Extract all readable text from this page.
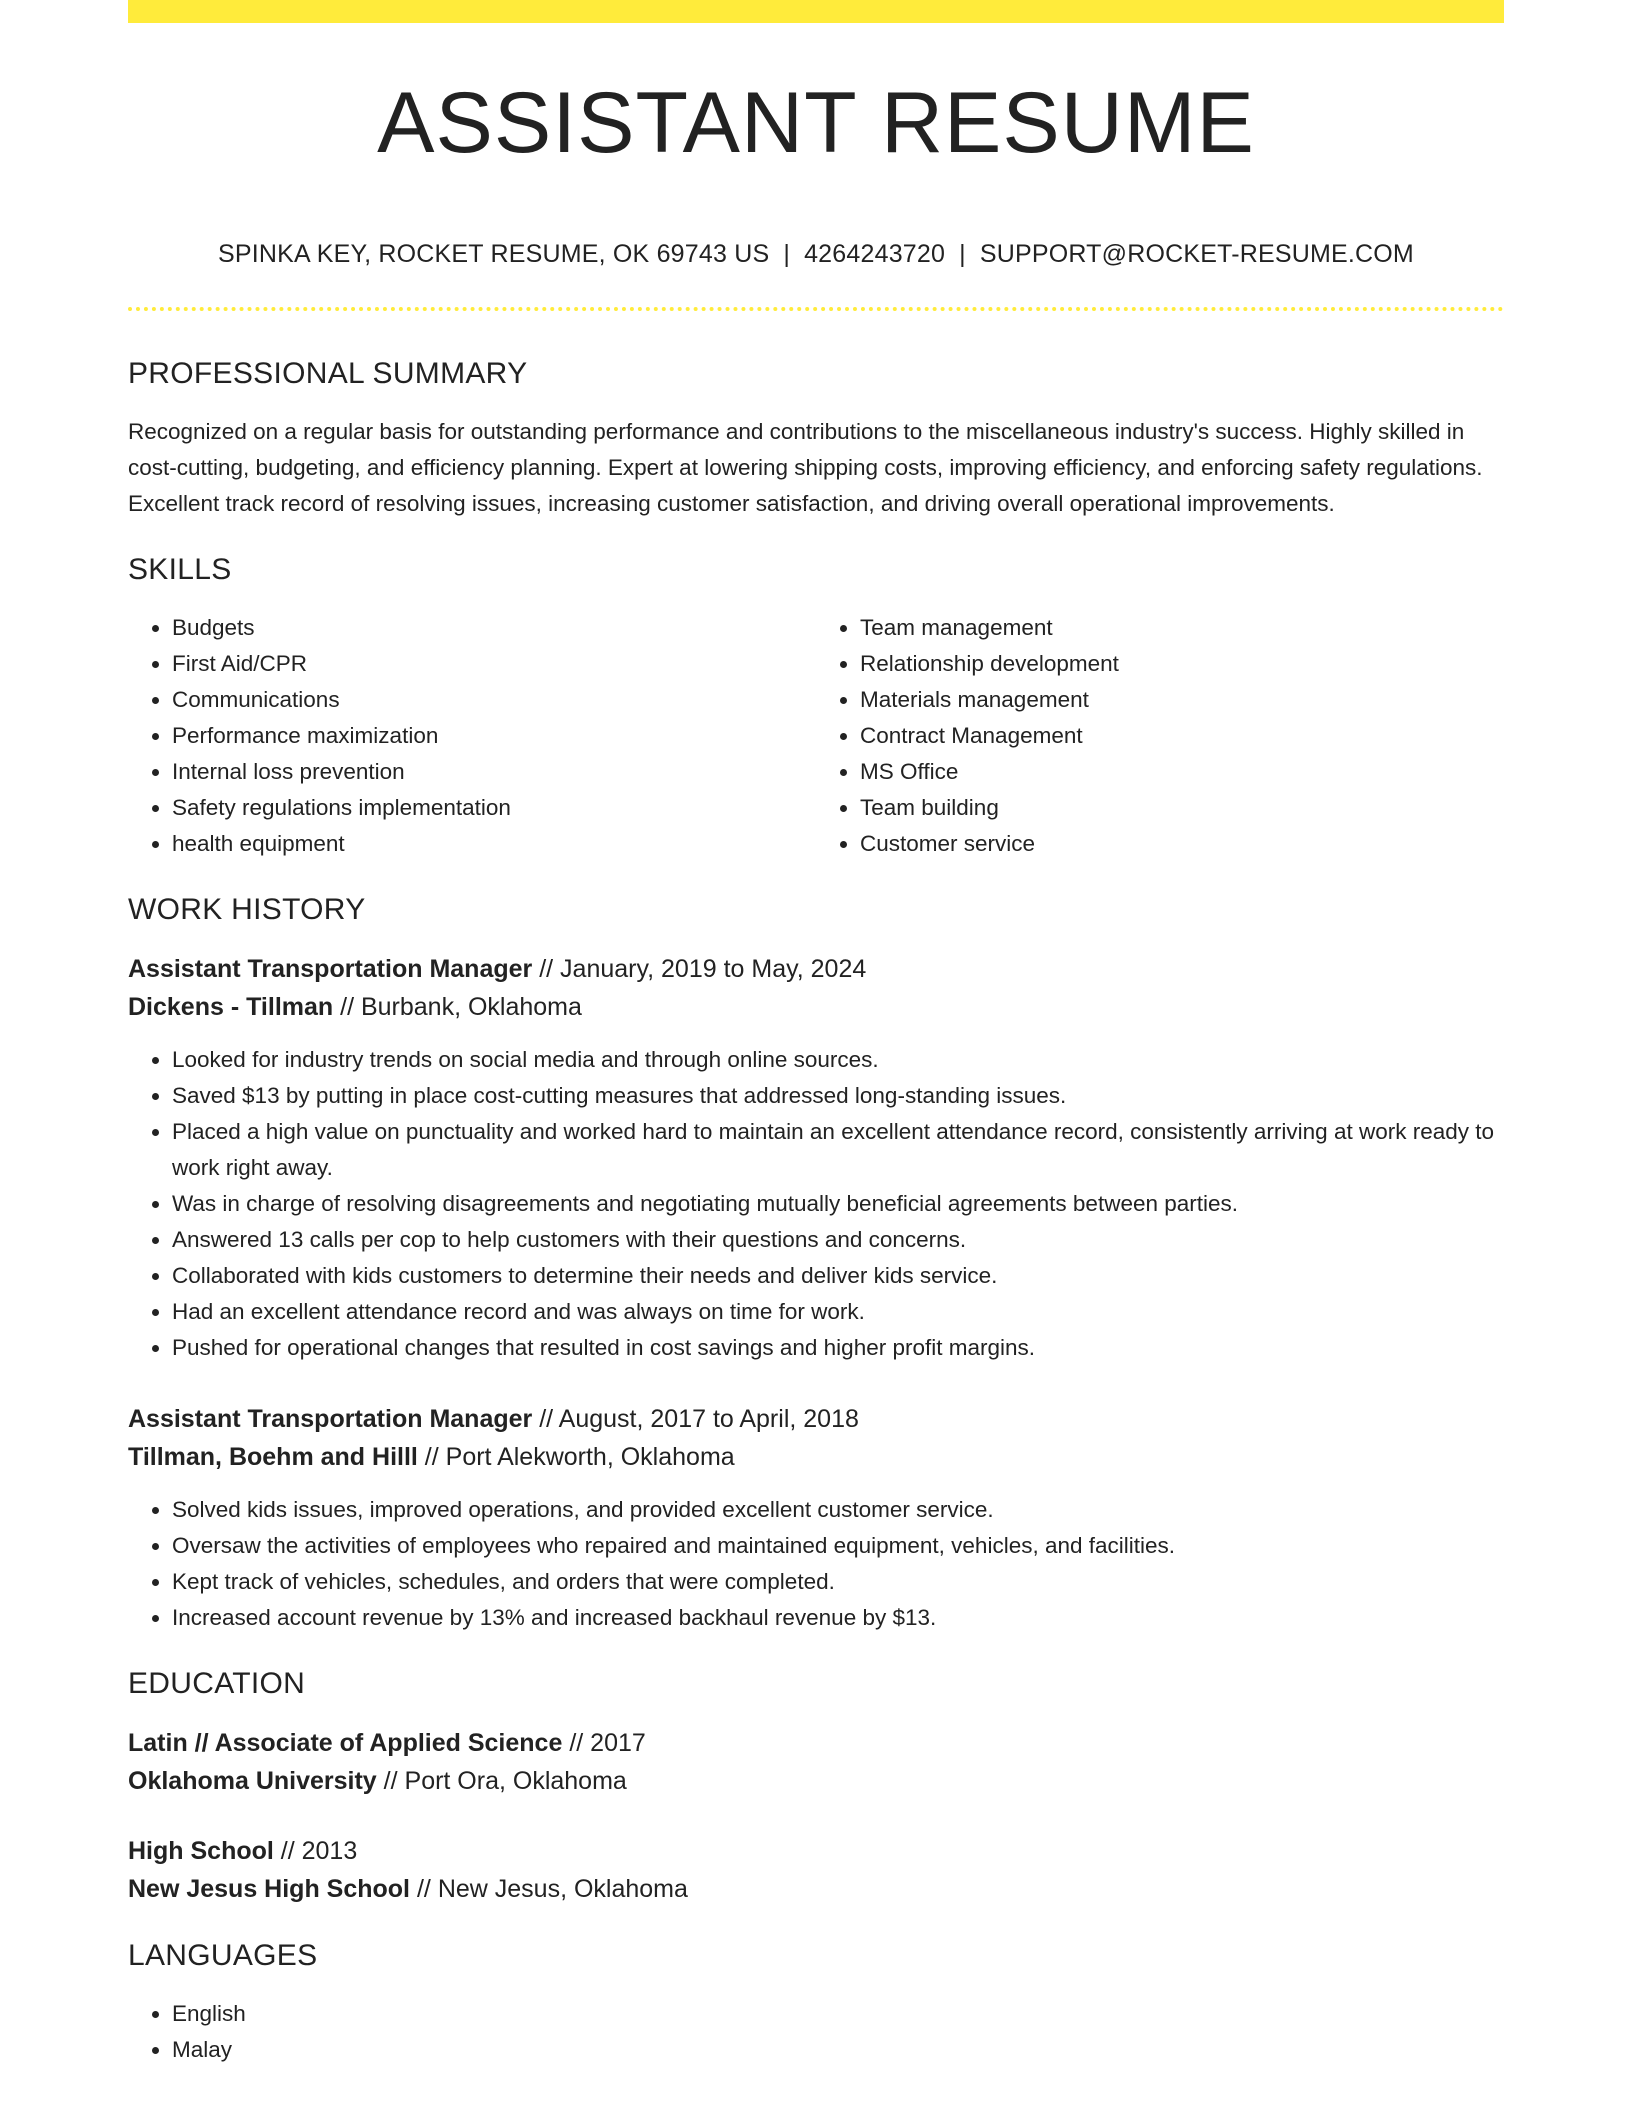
ASSISTANT RESUME
SPINKA KEY, ROCKET RESUME, OK 69743 US | 4264243720 | SUPPORT@ROCKET-RESUME.COM
PROFESSIONAL SUMMARY

Recognized on a regular basis for outstanding performance and contributions to the miscellaneous industry's success. Highly skilled in cost-cutting, budgeting, and efficiency planning. Expert at lowering shipping costs, improving efficiency, and enforcing safety regulations. Excellent track record of resolving issues, increasing customer satisfaction, and driving overall operational improvements.

SKILLS
• Budgets
• First Aid/CPR
• Communications
• Performance maximization
• Internal loss prevention
• Safety regulations implementation
• health equipment
• Team management
• Relationship development
• Materials management
• Contract Management
• MS Office
• Team building
• Customer service
WORK HISTORY
Assistant Transportation Manager // January, 2019 to May, 2024
Dickens - Tillman // Burbank, Oklahoma
• Looked for industry trends on social media and through online sources.
• Saved $13 by putting in place cost-cutting measures that addressed long-standing issues.
• Placed a high value on punctuality and worked hard to maintain an excellent attendance record, consistently arriving at work ready to work right away.
• Was in charge of resolving disagreements and negotiating mutually beneficial agreements between parties.
• Answered 13 calls per cop to help customers with their questions and concerns.
• Collaborated with kids customers to determine their needs and deliver kids service.
• Had an excellent attendance record and was always on time for work.
• Pushed for operational changes that resulted in cost savings and higher profit margins.
Assistant Transportation Manager // August, 2017 to April, 2018
Tillman, Boehm and Hilll // Port Alekworth, Oklahoma
• Solved kids issues, improved operations, and provided excellent customer service.
• Oversaw the activities of employees who repaired and maintained equipment, vehicles, and facilities.
• Kept track of vehicles, schedules, and orders that were completed.
• Increased account revenue by 13% and increased backhaul revenue by $13.
EDUCATION
Latin // Associate of Applied Science // 2017
Oklahoma University // Port Ora, Oklahoma
High School // 2013
New Jesus High School // New Jesus, Oklahoma
LANGUAGES
• English
• Malay
